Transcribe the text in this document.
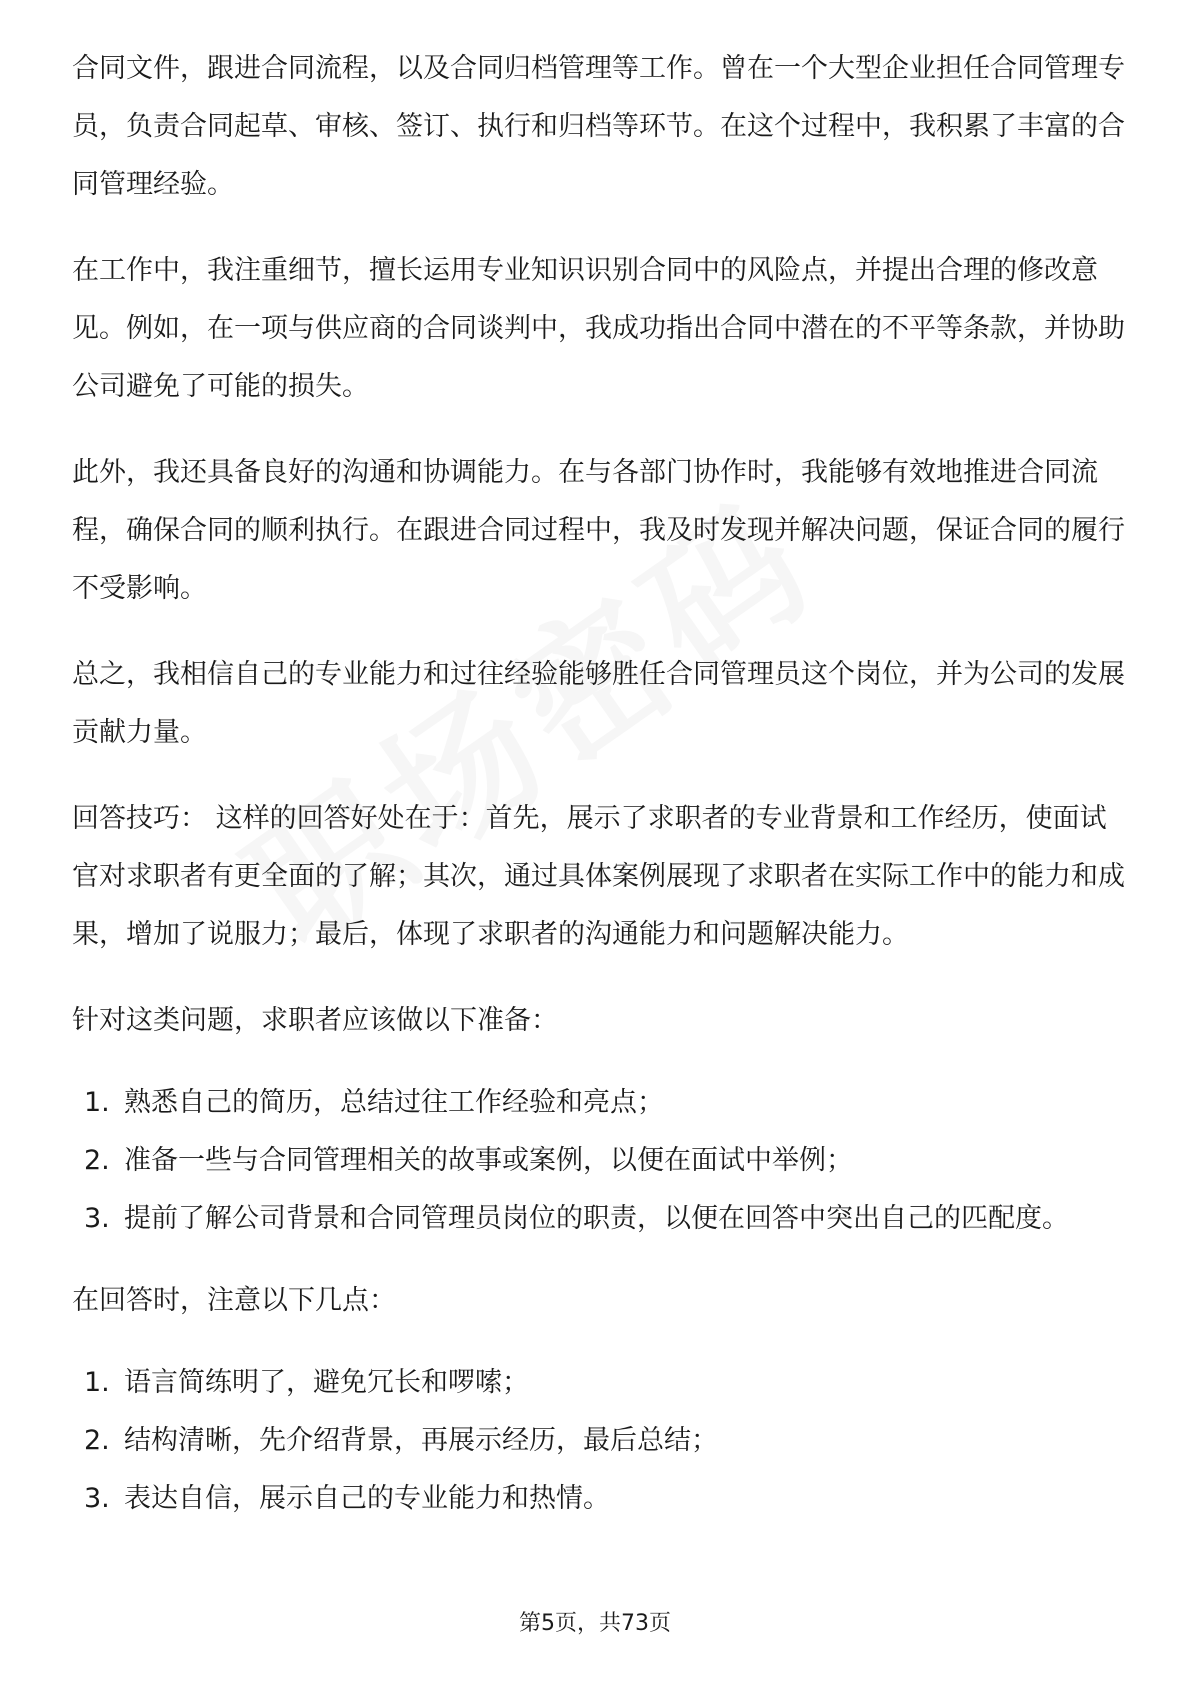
合同文件，跟进合同流程，以及合同归档管理等工作。曾在一个大型企业担任合同管理专员，负责合同起草、审核、签订、执行和归档等环节。在这个过程中，我积累了丰富的合同管理经验。

在工作中，我注重细节，擅长运用专业知识识别合同中的风险点，并提出合理的修改意见。例如，在一项与供应商的合同谈判中，我成功指出合同中潜在的不平等条款，并协助公司避免了可能的损失。

此外，我还具备良好的沟通和协调能力。在与各部门协作时，我能够有效地推进合同流程，确保合同的顺利执行。在跟进合同过程中，我及时发现并解决问题，保证合同的履行不受影响。

总之，我相信自己的专业能力和过往经验能够胜任合同管理员这个岗位，并为公司的发展贡献力量。

回答技巧： 这样的回答好处在于：首先，展示了求职者的专业背景和工作经历，使面试官对求职者有更全面的了解；其次，通过具体案例展现了求职者在实际工作中的能力和成果，增加了说服力；最后，体现了求职者的沟通能力和问题解决能力。

针对这类问题，求职者应该做以下准备：

1. 熟悉自己的简历，总结过往工作经验和亮点；
2. 准备一些与合同管理相关的故事或案例，以便在面试中举例；
3. 提前了解公司背景和合同管理员岗位的职责，以便在回答中突出自己的匹配度。

在回答时，注意以下几点：

1. 语言简练明了，避免冗长和啰嗦；
2. 结构清晰，先介绍背景，再展示经历，最后总结；
3. 表达自信，展示自己的专业能力和热情。
第5页，共73页
